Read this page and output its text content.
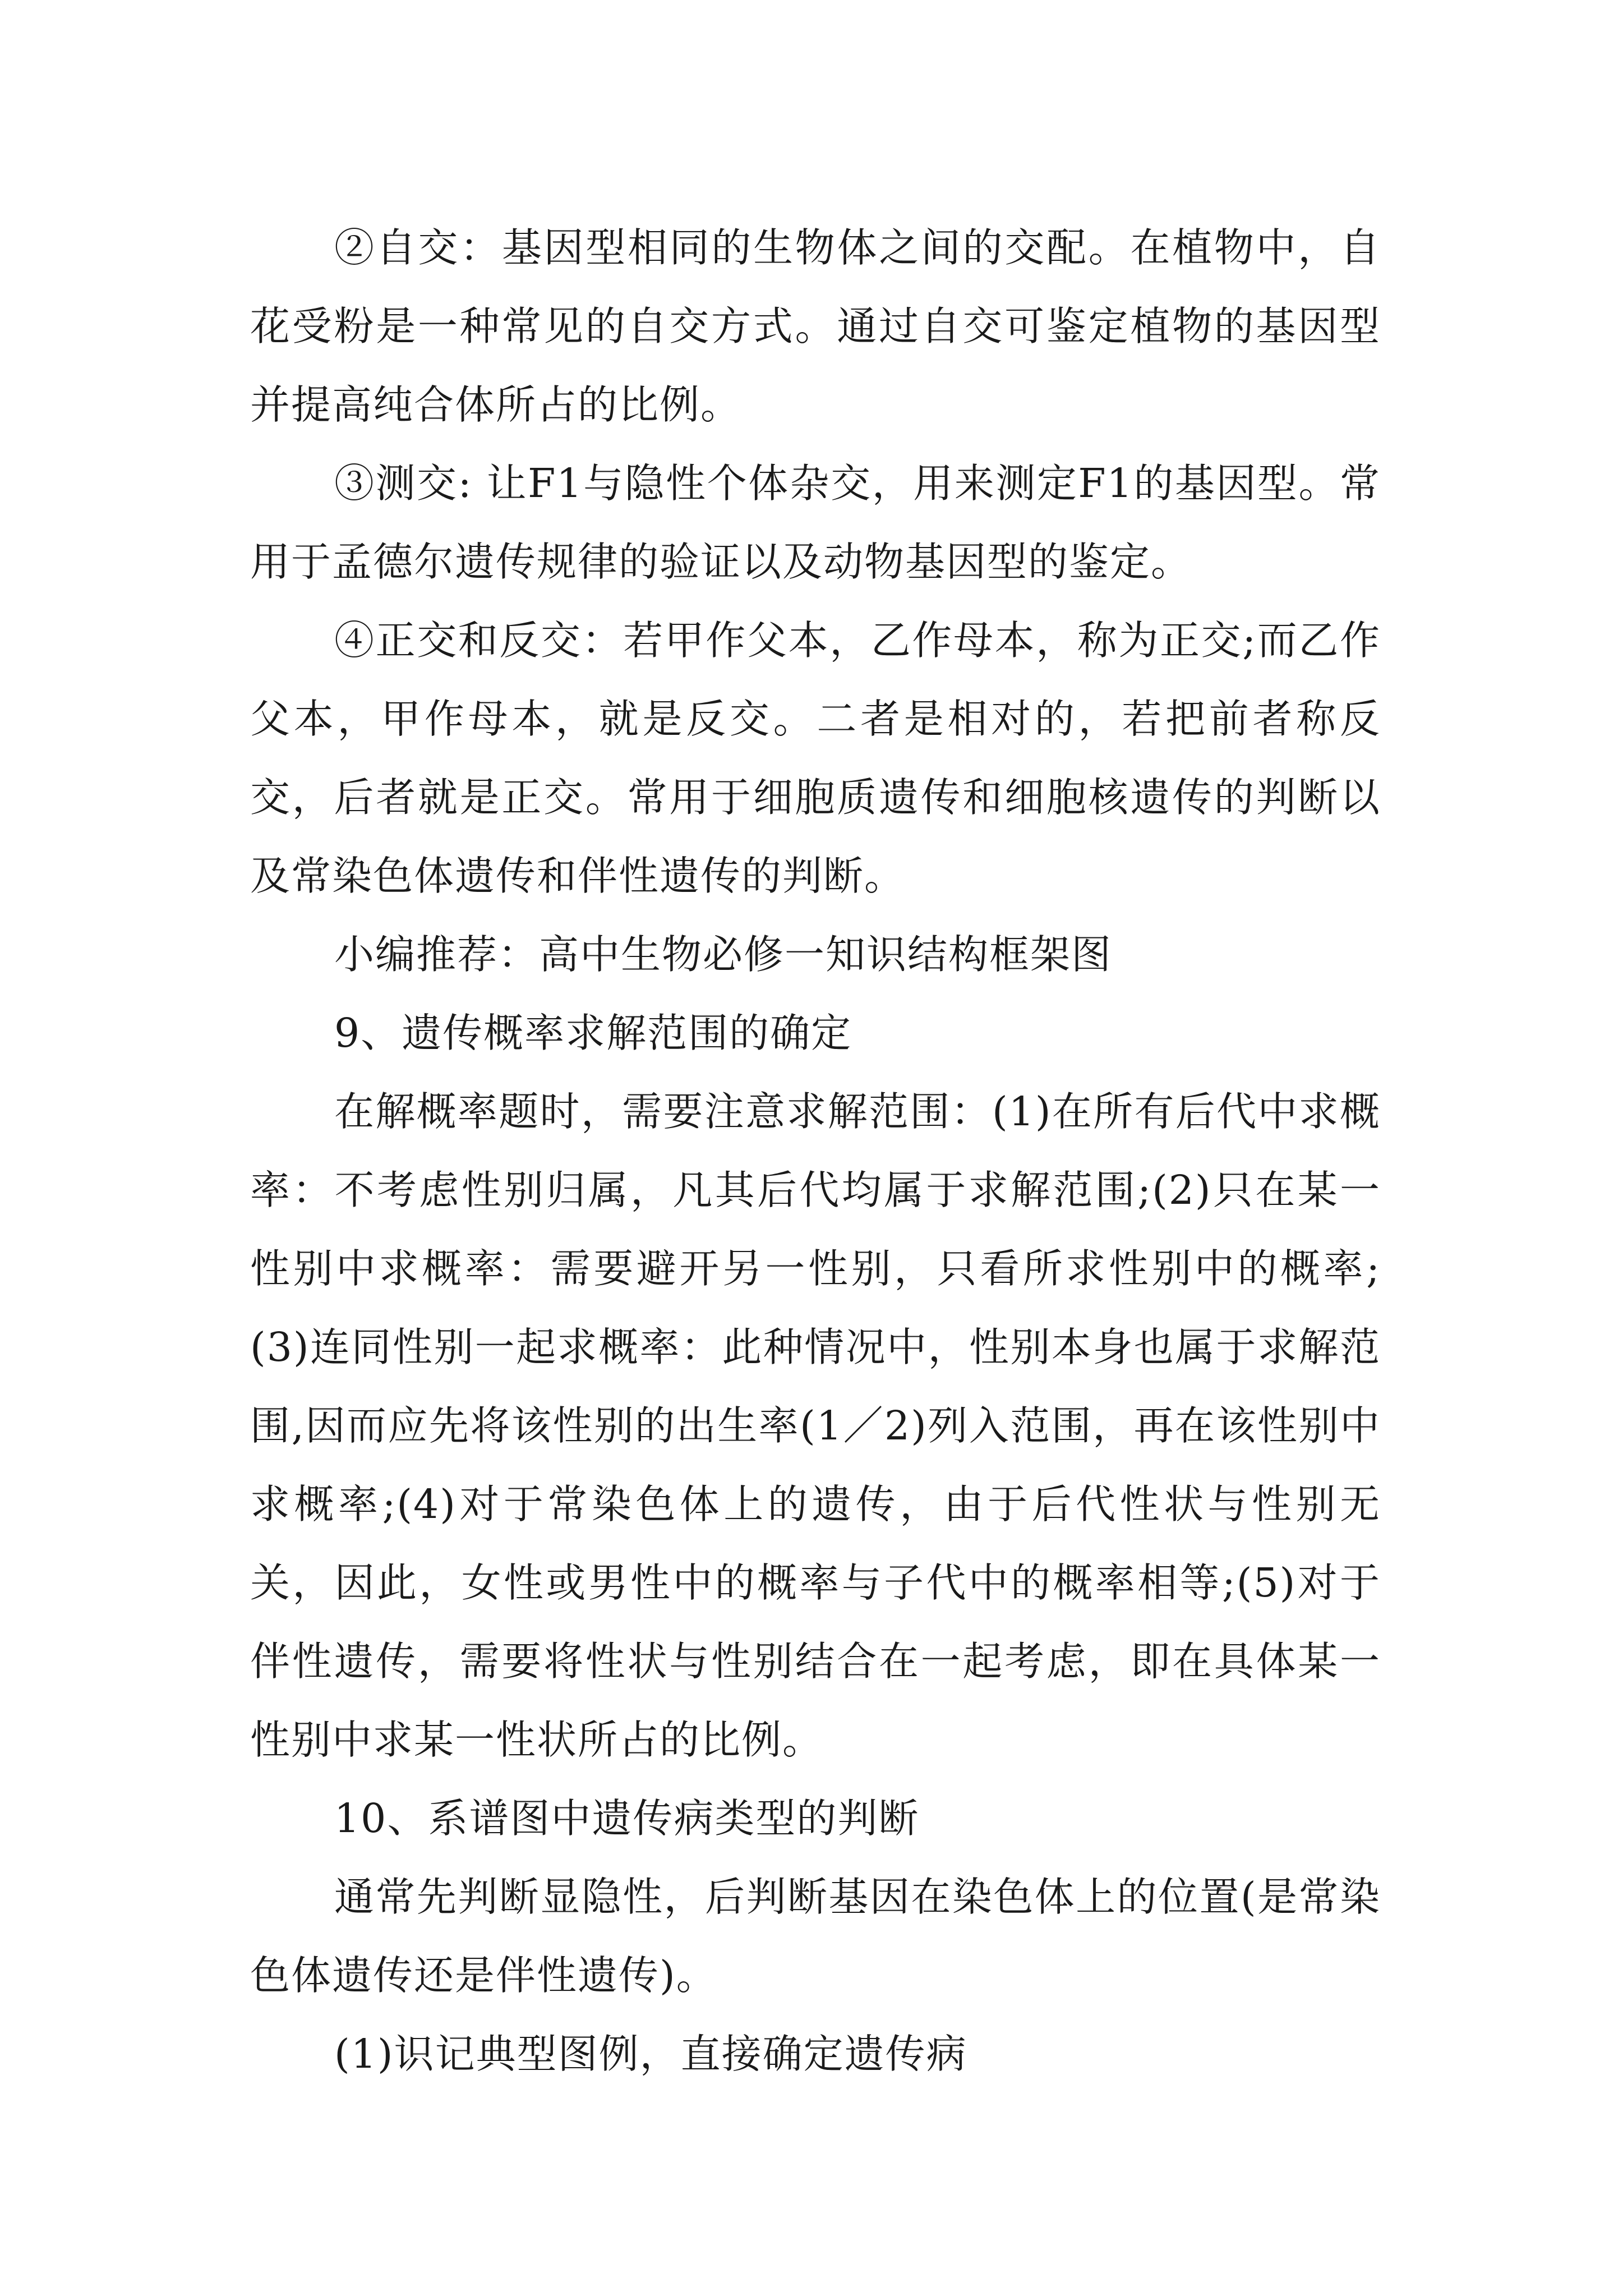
②自交：基因型相同的生物体之间的交配。在植物中，自花受粉是一种常见的自交方式。通过自交可鉴定植物的基因型并提高纯合体所占的比例。

③测交: 让F1与隐性个体杂交，用来测定F1的基因型。常用于孟德尔遗传规律的验证以及动物基因型的鉴定。

④正交和反交：若甲作父本，乙作母本，称为正交;而乙作父本，甲作母本，就是反交。二者是相对的，若把前者称反交，后者就是正交。常用于细胞质遗传和细胞核遗传的判断以及常染色体遗传和伴性遗传的判断。

小编推荐：高中生物必修一知识结构框架图

9、遗传概率求解范围的确定

在解概率题时，需要注意求解范围：(1)在所有后代中求概率：不考虑性别归属，凡其后代均属于求解范围;(2)只在某一性别中求概率：需要避开另一性别，只看所求性别中的概率;(3)连同性别一起求概率：此种情况中，性别本身也属于求解范围,因而应先将该性别的出生率(1／2)列入范围，再在该性别中求概率;(4)对于常染色体上的遗传，由于后代性状与性别无关，因此，女性或男性中的概率与子代中的概率相等;(5)对于伴性遗传，需要将性状与性别结合在一起考虑，即在具体某一性别中求某一性状所占的比例。

10、系谱图中遗传病类型的判断

通常先判断显隐性，后判断基因在染色体上的位置(是常染色体遗传还是伴性遗传)。

(1)识记典型图例，直接确定遗传病
